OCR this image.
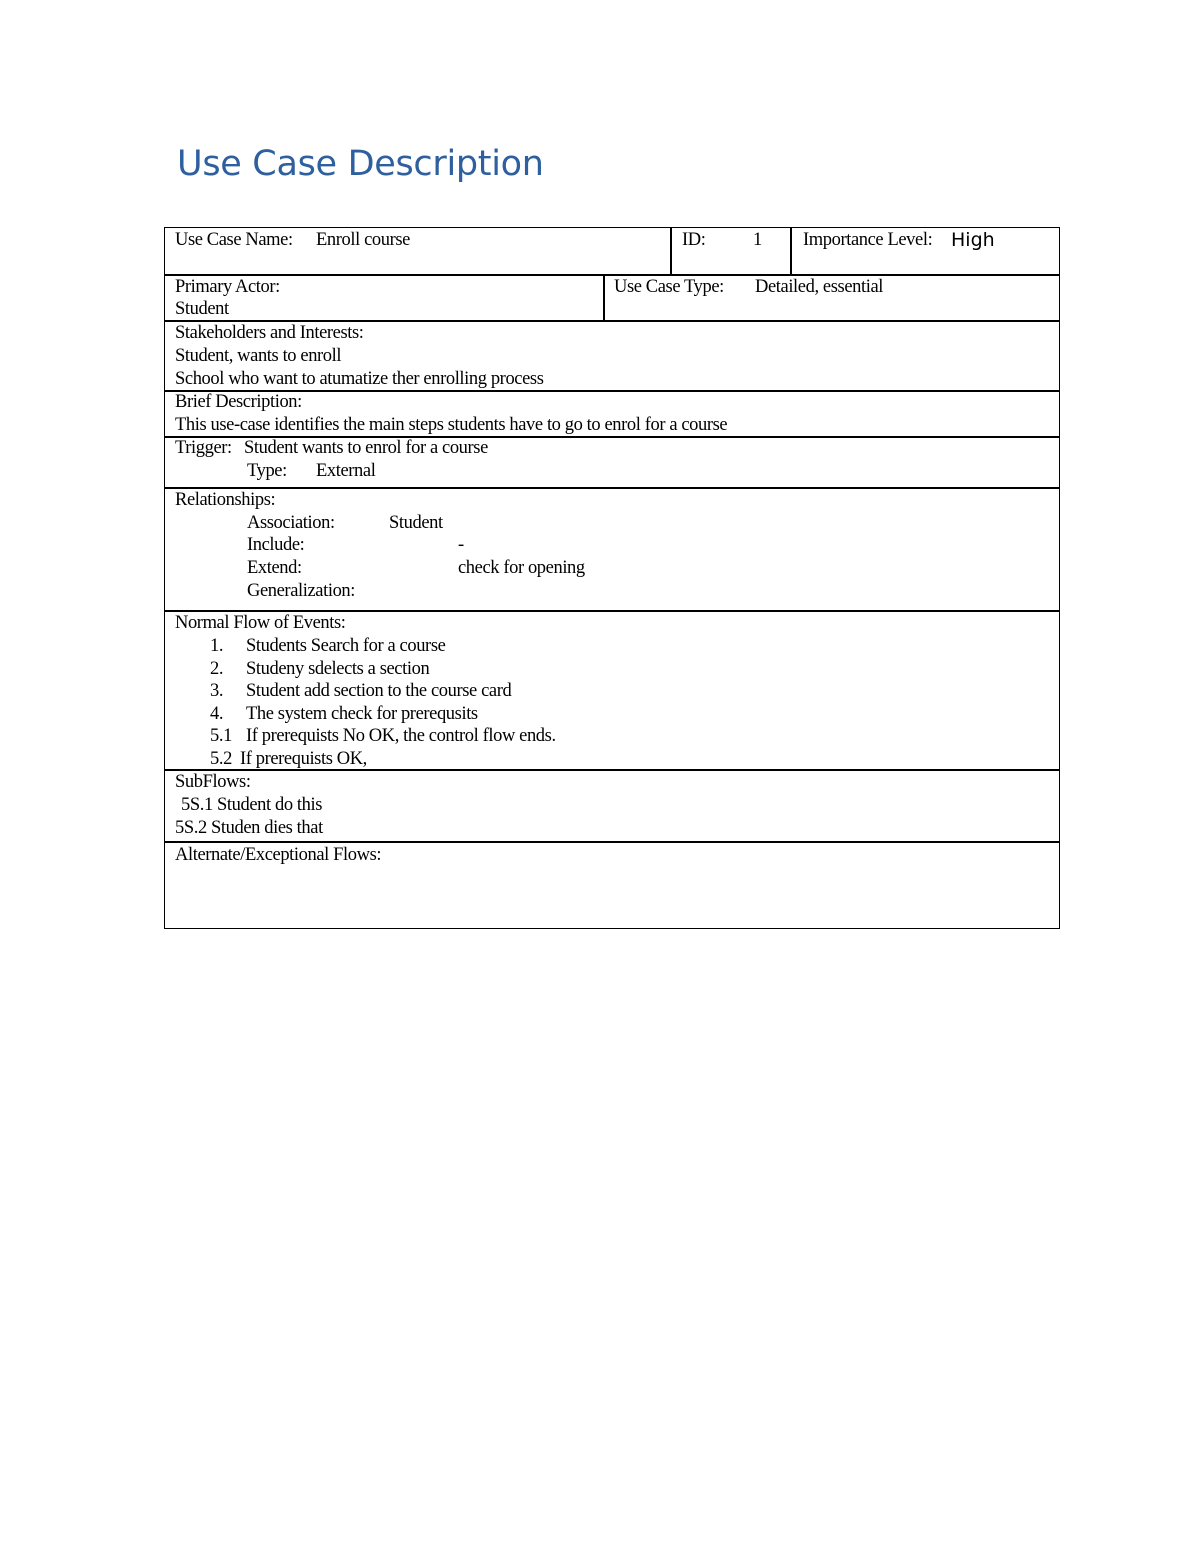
Use Case Description
Use Case Name: Enroll course	ID:	1 Importance Level: High
Primary Actor:
Student
Use Case Type: Detailed, essential
Stakeholders and Interests:
Student, wants to enroll
School who want to atumatize ther enrolling process
Brief Description:
This use-case identifies the main steps students have to go to enrol for a course
Trigger: Student wants to enrol for a course
Type: External
Relationships:
Association:	Student
Include:	-
Extend:	check for opening
Generalization:
Normal Flow of Events:
1. Students Search for a course
2. Studeny sdelects a section
3. Student add section to the course card
4. The system check for prerequsits
5.1 If prerequists No OK, the control flow ends.
5.2 If prerequists OK,
SubFlows:
5S.1 Student do this
5S.2 Studen dies that
Alternate/Exceptional Flows:
